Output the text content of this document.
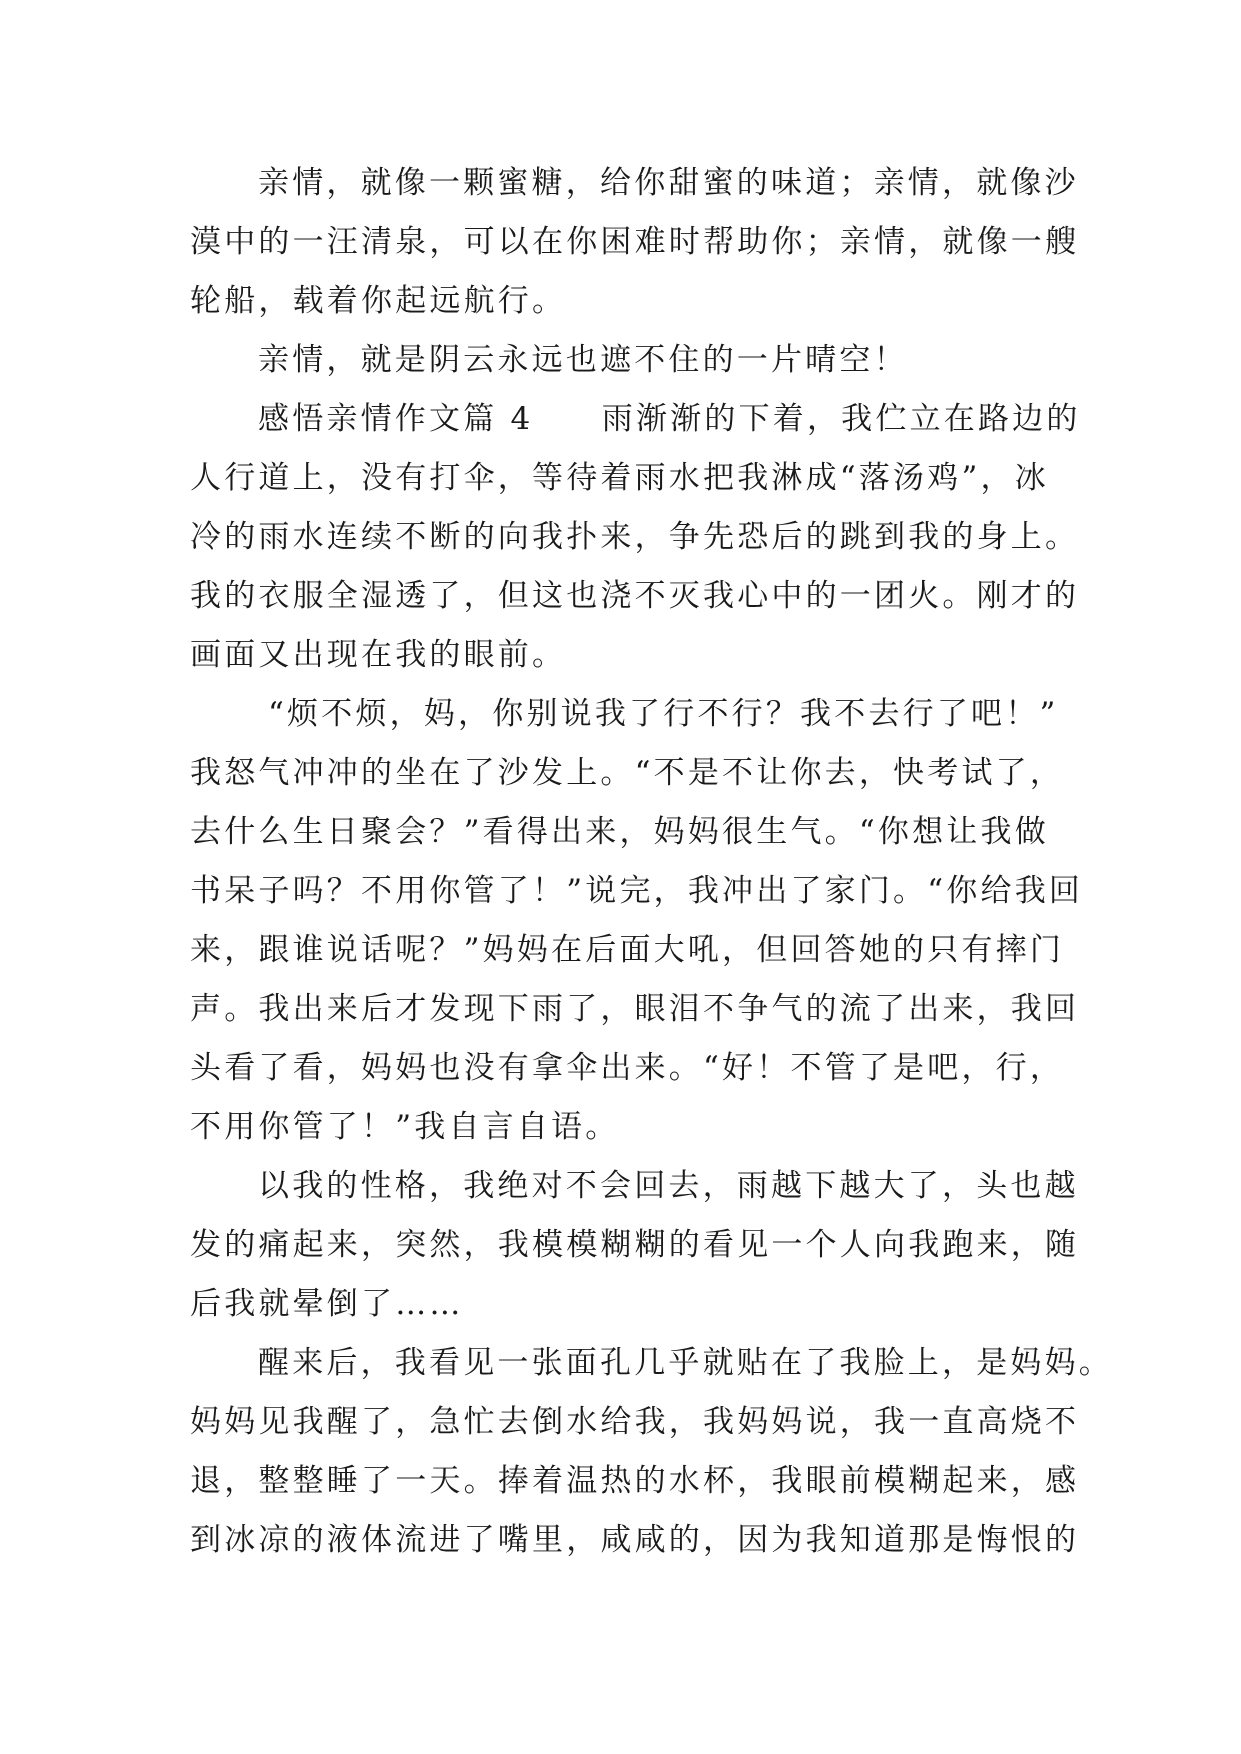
亲情，就像一颗蜜糖，给你甜蜜的味道；亲情，就像沙
漠中的一汪清泉，可以在你困难时帮助你；亲情，就像一艘
轮船，载着你起远航行。
亲情，就是阴云永远也遮不住的一片晴空！
感悟亲情作文篇 4　　雨渐渐的下着，我伫立在路边的
人行道上，没有打伞，等待着雨水把我淋成“落汤鸡”，冰
冷的雨水连续不断的向我扑来，争先恐后的跳到我的身上。
我的衣服全湿透了，但这也浇不灭我心中的一团火。刚才的
画面又出现在我的眼前。
“烦不烦，妈，你别说我了行不行？我不去行了吧！”
我怒气冲冲的坐在了沙发上。“不是不让你去，快考试了，
去什么生日聚会？”看得出来，妈妈很生气。“你想让我做
书呆子吗？不用你管了！”说完，我冲出了家门。“你给我回
来，跟谁说话呢？”妈妈在后面大吼，但回答她的只有摔门
声。我出来后才发现下雨了，眼泪不争气的流了出来，我回
头看了看，妈妈也没有拿伞出来。“好！不管了是吧，行，
不用你管了！”我自言自语。
以我的性格，我绝对不会回去，雨越下越大了，头也越
发的痛起来，突然，我模模糊糊的看见一个人向我跑来，随
后我就晕倒了……
醒来后，我看见一张面孔几乎就贴在了我脸上，是妈妈。
妈妈见我醒了，急忙去倒水给我，我妈妈说，我一直高烧不
退，整整睡了一天。捧着温热的水杯，我眼前模糊起来，感
到冰凉的液体流进了嘴里，咸咸的，因为我知道那是悔恨的
